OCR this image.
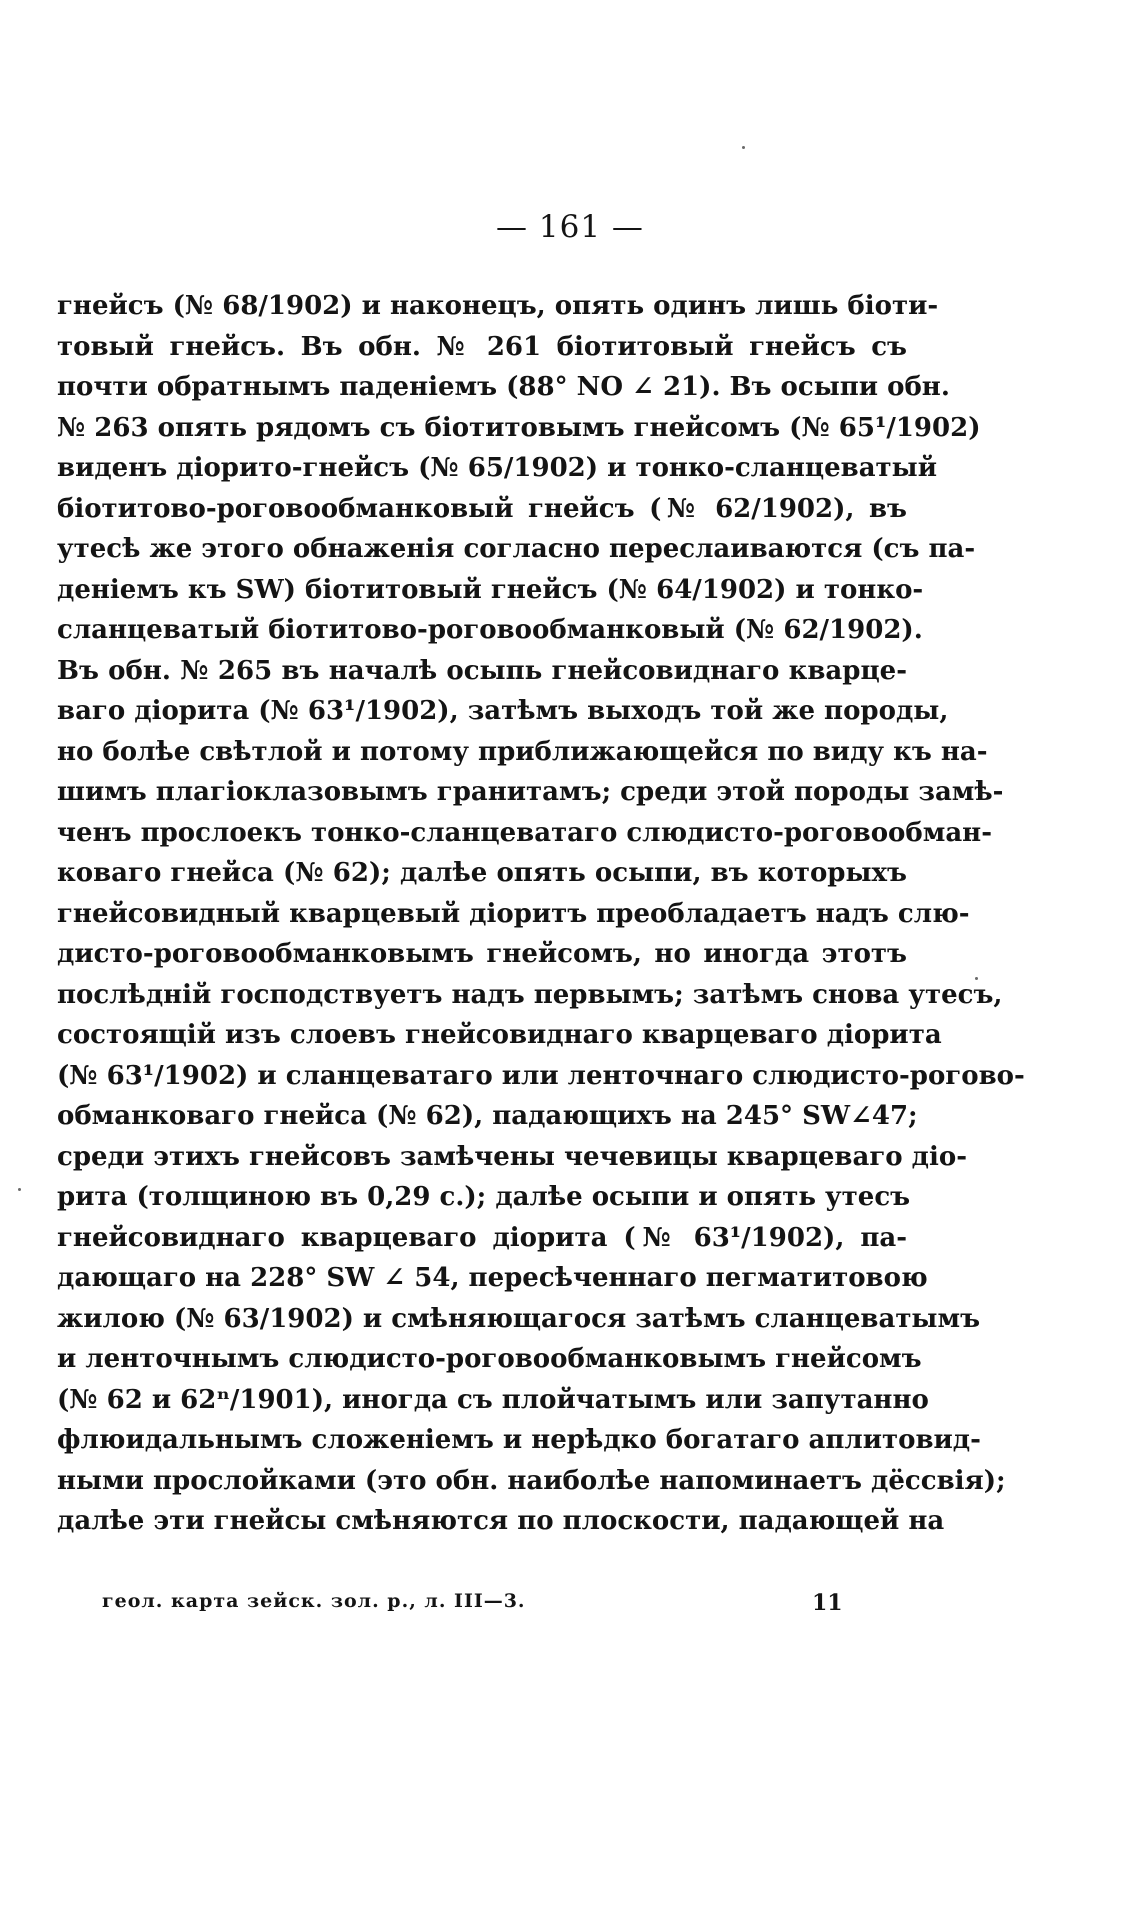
— 161 —
гнейсъ (№ 68/1902) и наконецъ, опять одинъ лишь біоти-
товый гнейсъ. Въ обн. № 261 біотитовый гнейсъ съ
почти обратнымъ паденіемъ (88° NO ∠ 21). Въ осыпи обн.
№ 263 опять рядомъ съ біотитовымъ гнейсомъ (№ 65¹/1902)
виденъ діорито-гнейсъ (№ 65/1902) и тонко-сланцеватый
біотитово-роговообманковый гнейсъ (№ 62/1902), въ
утесѣ же этого обнаженія согласно переслаиваются (съ па-
деніемъ къ SW) біотитовый гнейсъ (№ 64/1902) и тонко-
сланцеватый біотитово-роговообманковый (№ 62/1902).
Въ обн. № 265 въ началѣ осыпь гнейсовиднаго кварце-
ваго діорита (№ 63¹/1902), затѣмъ выходъ той же породы,
но болѣе свѣтлой и потому приближающейся по виду къ на-
шимъ плагіоклазовымъ гранитамъ; среди этой породы замѣ-
ченъ прослоекъ тонко-сланцеватаго слюдисто-роговообман-
коваго гнейса (№ 62); далѣе опять осыпи, въ которыхъ
гнейсовидный кварцевый діоритъ преобладаетъ надъ слю-
дисто-роговообманковымъ гнейсомъ, но иногда этотъ
послѣдній господствуетъ надъ первымъ; затѣмъ снова утесъ,
состоящій изъ слоевъ гнейсовиднаго кварцеваго діорита
(№ 63¹/1902) и сланцеватаго или ленточнаго слюдисто-рогово-
обманковаго гнейса (№ 62), падающихъ на 245° SW∠47;
среди этихъ гнейсовъ замѣчены чечевицы кварцеваго діо-
рита (толщиною въ 0,29 с.); далѣе осыпи и опять утесъ
гнейсовиднаго кварцеваго діорита (№ 63¹/1902), па-
дающаго на 228° SW ∠ 54, пересѣченнаго пегматитовою
жилою (№ 63/1902) и смѣняющагося затѣмъ сланцеватымъ
и ленточнымъ слюдисто-роговообманковымъ гнейсомъ
(№ 62 и 62ⁿ/1901), иногда съ плойчатымъ или запутанно
флюидальнымъ сложеніемъ и нерѣдко богатаго аплитовид-
ными прослойками (это обн. наиболѣе напоминаетъ дёссвія);
далѣе эти гнейсы смѣняются по плоскости, падающей на
геол. карта зейск. зол. р., л. III—3.	11
